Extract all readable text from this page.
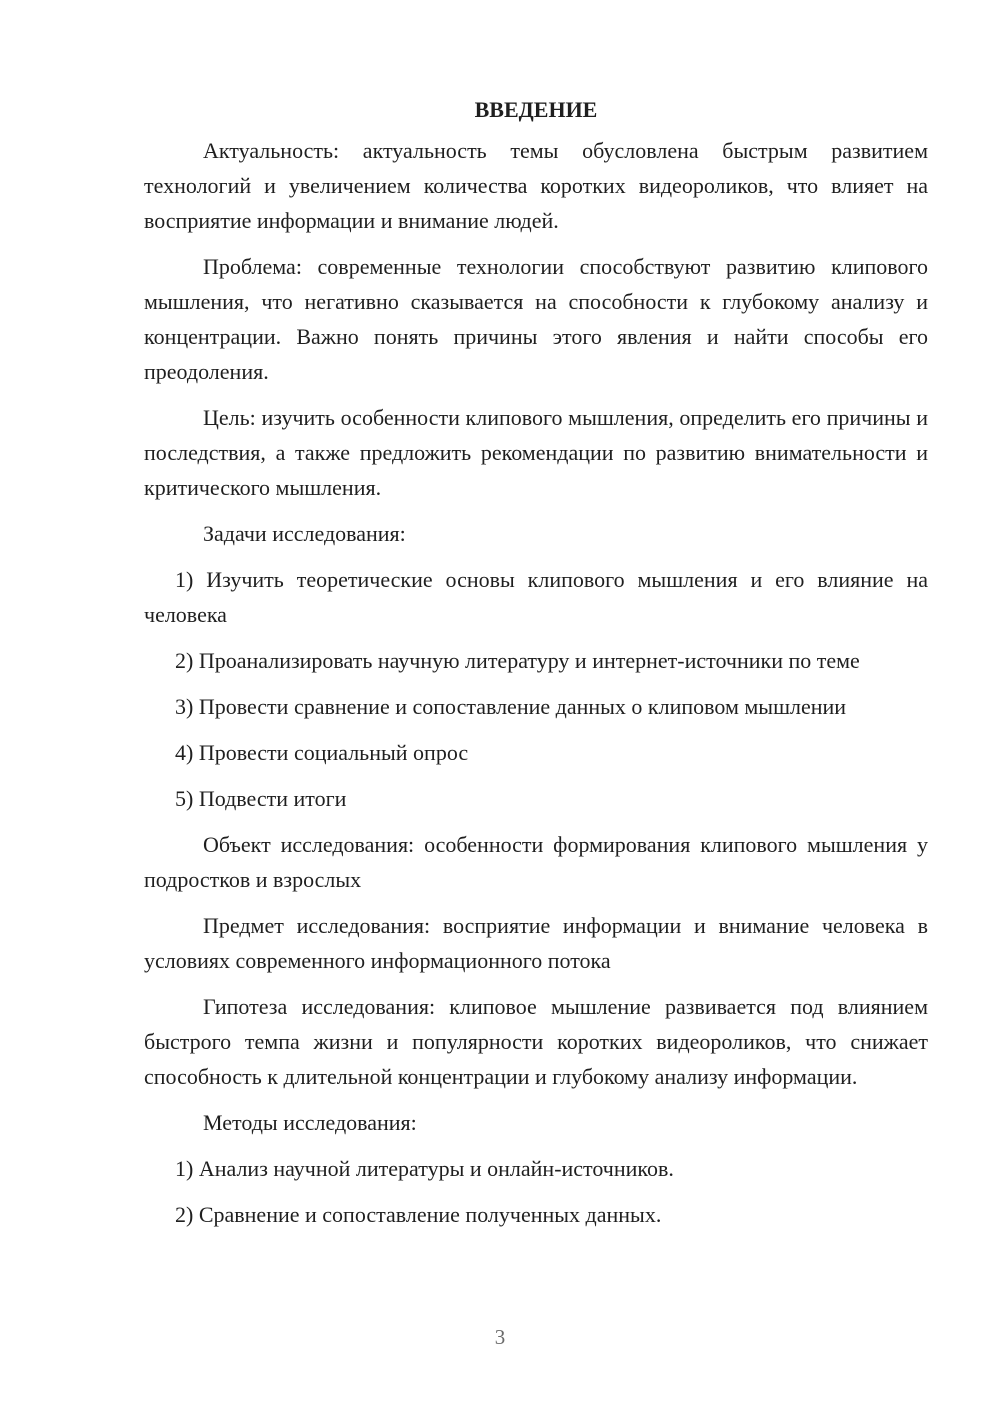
ВВЕДЕНИЕ

Актуальность: актуальность темы обусловлена быстрым развитием технологий и увеличением количества коротких видеороликов, что влияет на восприятие информации и внимание людей.

Проблема: современные технологии способствуют развитию клипового мышления, что негативно сказывается на способности к глубокому анализу и концентрации. Важно понять причины этого явления и найти способы его преодоления.

Цель: изучить особенности клипового мышления, определить его причины и последствия, а также предложить рекомендации по развитию внимательности и критического мышления.

Задачи исследования:

1) Изучить теоретические основы клипового мышления и его влияние на человека

2) Проанализировать научную литературу и интернет-источники по теме

3) Провести сравнение и сопоставление данных о клиповом мышлении

4) Провести социальный опрос

5) Подвести итоги

Объект исследования: особенности формирования клипового мышления у подростков и взрослых

Предмет исследования: восприятие информации и внимание человека в условиях современного информационного потока

Гипотеза исследования: клиповое мышление развивается под влиянием быстрого темпа жизни и популярности коротких видеороликов, что снижает способность к длительной концентрации и глубокому анализу информации.

Методы исследования:

1) Анализ научной литературы и онлайн-источников.

2) Сравнение и сопоставление полученных данных.

3
